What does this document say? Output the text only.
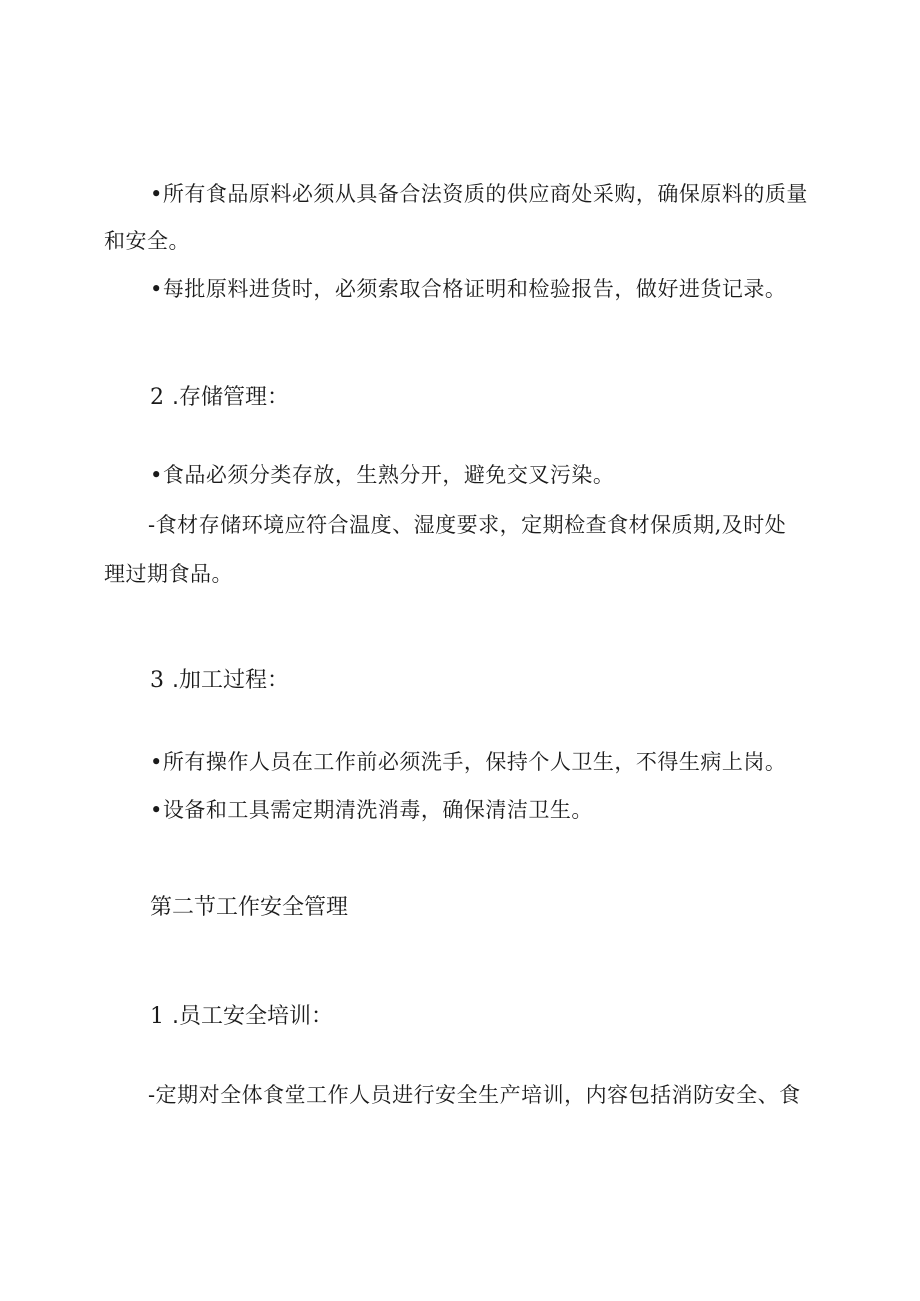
•所有食品原料必须从具备合法资质的供应商处采购，确保原料的质量
和安全。
•每批原料进货时，必须索取合格证明和检验报告，做好进货记录。
2 .存储管理：
•食品必须分类存放，生熟分开，避免交叉污染。
-食材存储环境应符合温度、湿度要求，定期检查食材保质期,及时处
理过期食品。
3 .加工过程：
•所有操作人员在工作前必须洗手，保持个人卫生，不得生病上岗。
•设备和工具需定期清洗消毒，确保清洁卫生。
第二节工作安全管理
1 .员工安全培训：
-定期对全体食堂工作人员进行安全生产培训，内容包括消防安全、食
